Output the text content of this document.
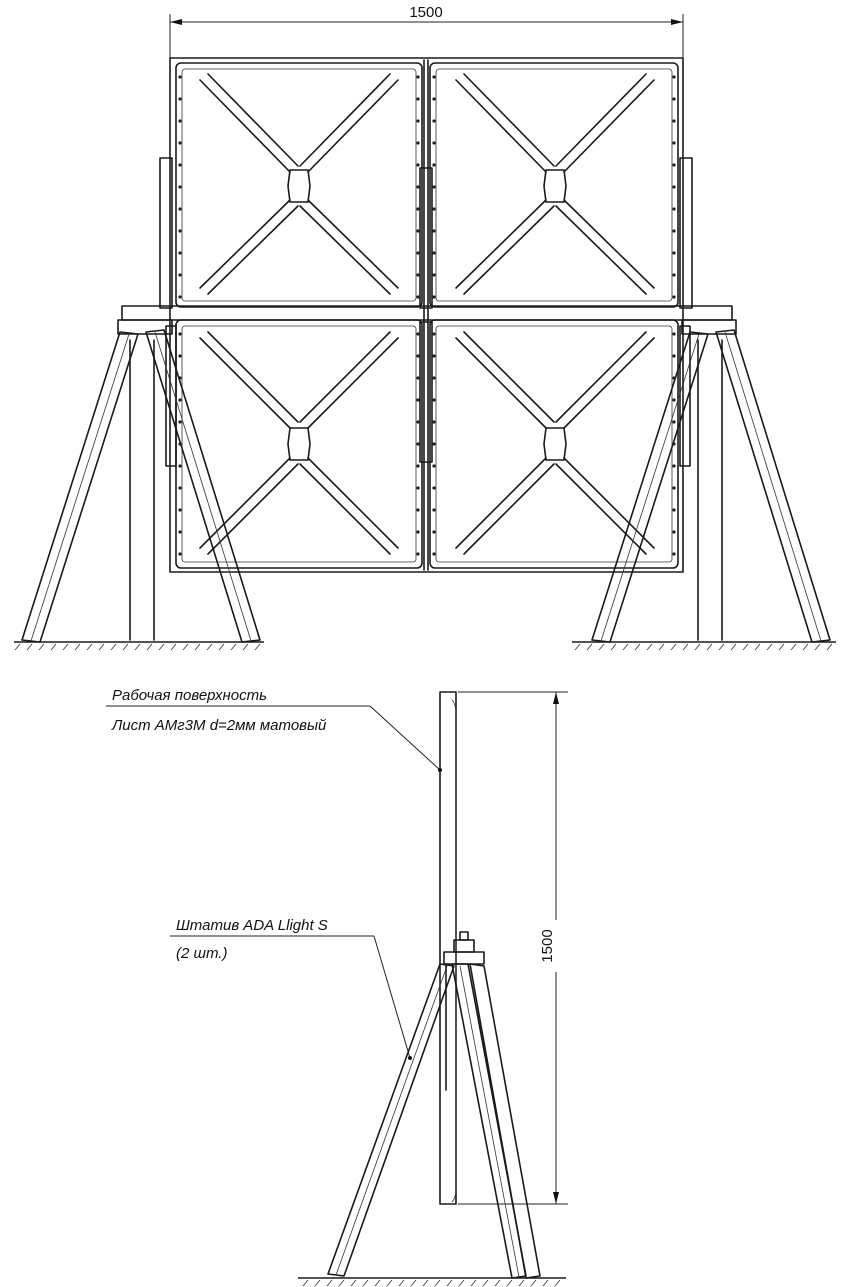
1500
1500
Рабочая поверхность
Лист АМг3М d=2мм матовый
Штатив ADA Llight S
(2 шт.)
